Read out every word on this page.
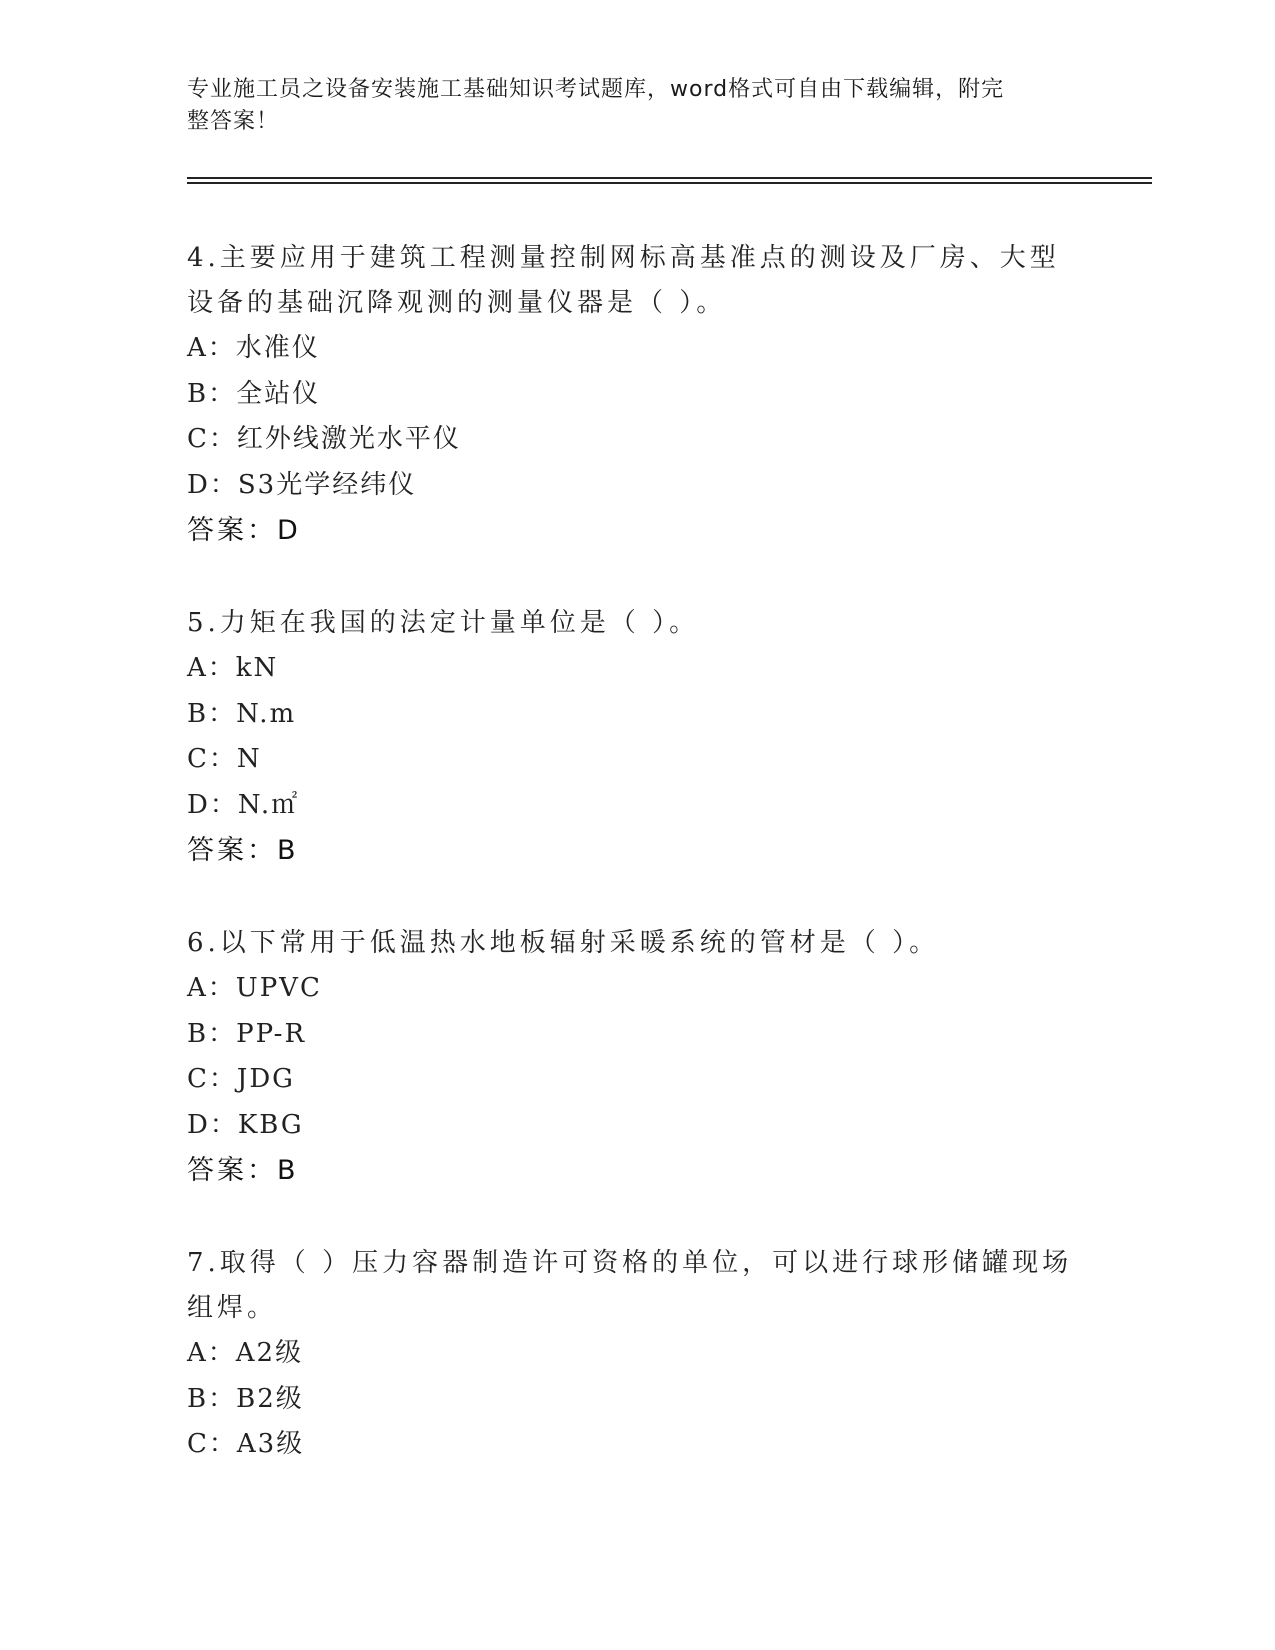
专业施工员之设备安装施工基础知识考试题库，word格式可自由下载编辑，附完
整答案！

4.主要应用于建筑工程测量控制网标高基准点的测设及厂房、大型设备的基础沉降观测的测量仪器是（ ）。

A：水准仪

B：全站仪

C：红外线激光水平仪

D：S3光学经纬仪

答案：D

5.力矩在我国的法定计量单位是（ ）。

A：kN

B：N.m

C：N

D：N.㎡

答案：B

6.以下常用于低温热水地板辐射采暖系统的管材是（ ）。

A：UPVC

B：PP-R

C：JDG

D：KBG

答案：B

7.取得（ ）压力容器制造许可资格的单位，可以进行球形储罐现场组焊。

A：A2级

B：B2级

C：A3级
